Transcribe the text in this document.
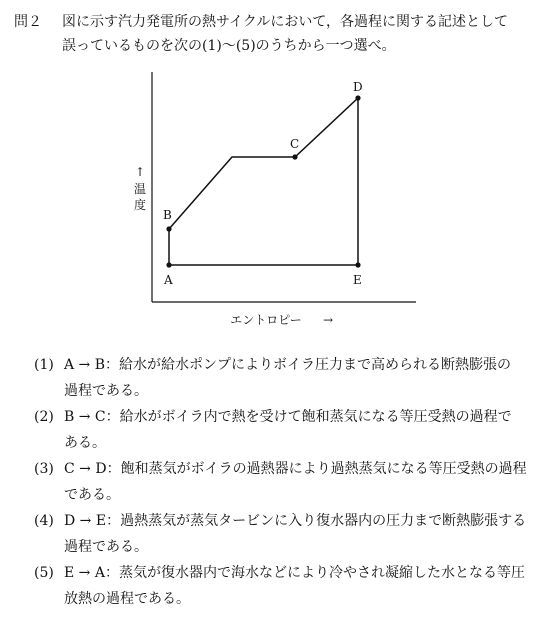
問２	図に示す汽力発電所の熱サイクルにおいて，各過程に関する記述として
誤っているものを次の(1)～(5)のうちから一つ選べ。
↑
温
度
A
B
C
D
E
エントロピー →
(1) A → B：給水が給水ポンプによりボイラ圧力まで高められる断熱膨張の
過程である。
(2) B → C：給水がボイラ内で熱を受けて飽和蒸気になる等圧受熱の過程で
ある。
(3) C → D：飽和蒸気がボイラの過熱器により過熱蒸気になる等圧受熱の過程
である。
(4) D → E：過熱蒸気が蒸気タービンに入り復水器内の圧力まで断熱膨張する
過程である。
(5) E → A：蒸気が復水器内で海水などにより冷やされ凝縮した水となる等圧
放熱の過程である。
